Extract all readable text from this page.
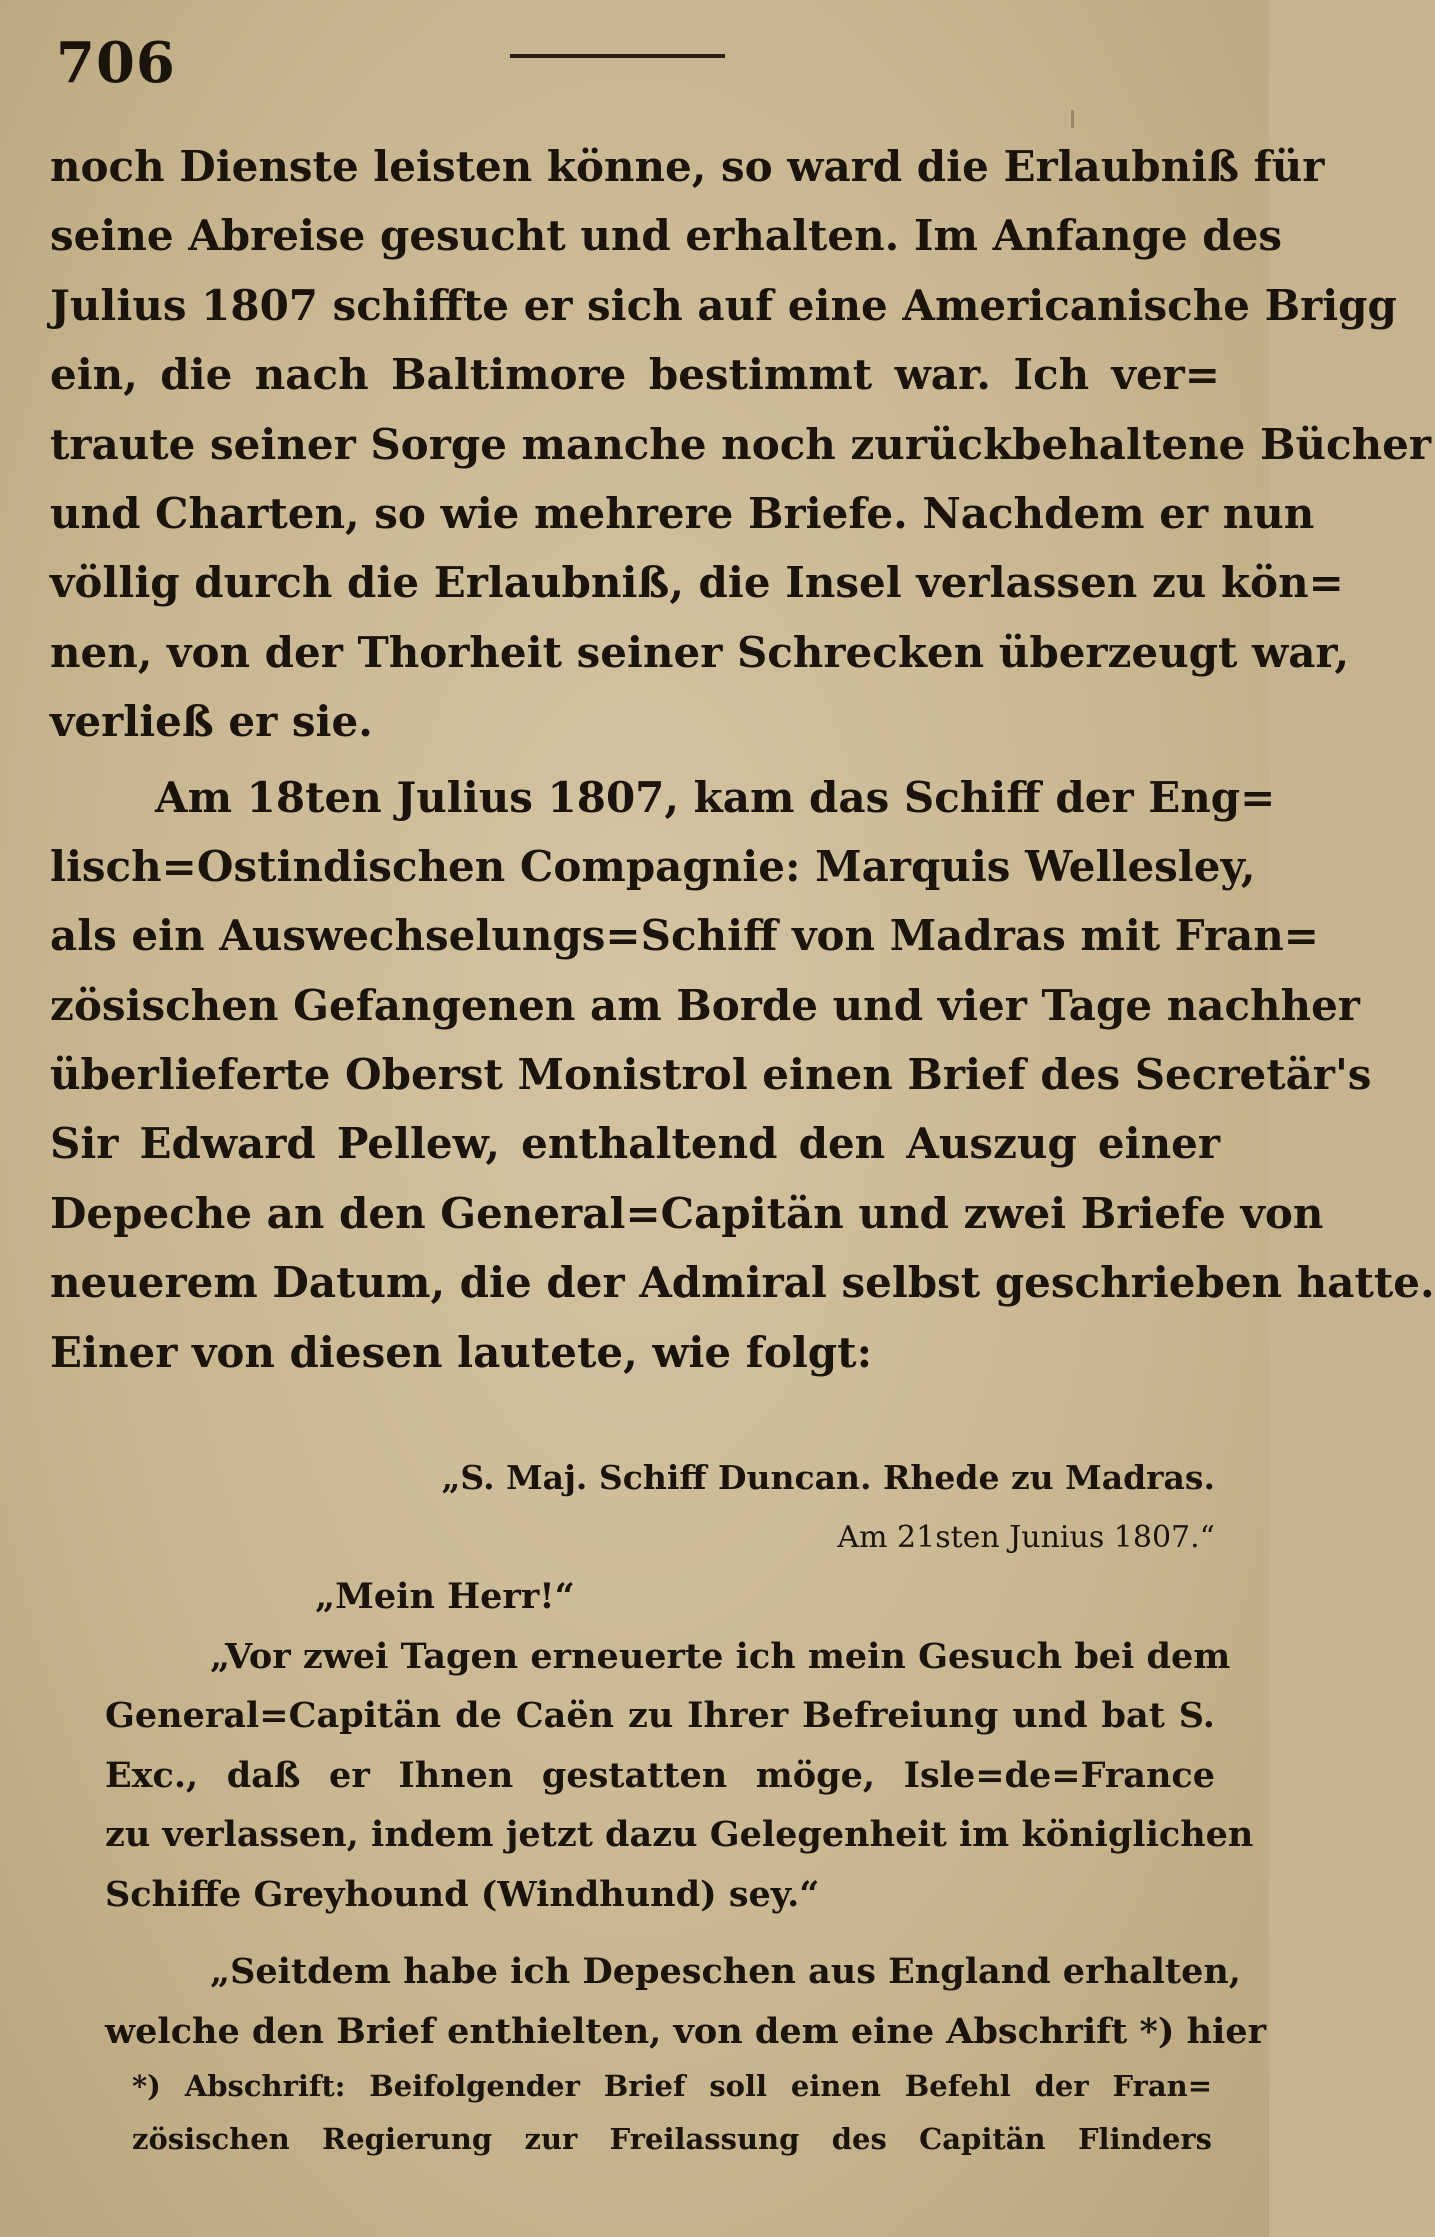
706
noch Dienste leisten könne, so ward die Erlaubniß für
seine Abreise gesucht und erhalten. Im Anfange des
Julius 1807 schiffte er sich auf eine Americanische Brigg
ein, die nach Baltimore bestimmt war. Ich ver=
traute seiner Sorge manche noch zurückbehaltene Bücher
und Charten, so wie mehrere Briefe. Nachdem er nun
völlig durch die Erlaubniß, die Insel verlassen zu kön=
nen, von der Thorheit seiner Schrecken überzeugt war,
verließ er sie.
Am 18ten Julius 1807, kam das Schiff der Eng=
lisch=Ostindischen Compagnie: Marquis Wellesley,
als ein Auswechselungs=Schiff von Madras mit Fran=
zösischen Gefangenen am Borde und vier Tage nachher
überlieferte Oberst Monistrol einen Brief des Secretär's
Sir Edward Pellew, enthaltend den Auszug einer
Depeche an den General=Capitän und zwei Briefe von
neuerem Datum, die der Admiral selbst geschrieben hatte.
Einer von diesen lautete, wie folgt:
„S. Maj. Schiff Duncan. Rhede zu Madras.
Am 21sten Junius 1807.“
„Mein Herr!“
„Vor zwei Tagen erneuerte ich mein Gesuch bei dem
General=Capitän de Caën zu Ihrer Befreiung und bat S.
Exc., daß er Ihnen gestatten möge, Isle=de=France
zu verlassen, indem jetzt dazu Gelegenheit im königlichen
Schiffe Greyhound (Windhund) sey.“
„Seitdem habe ich Depeschen aus England erhalten,
welche den Brief enthielten, von dem eine Abschrift *) hier
*) Abschrift: Beifolgender Brief soll einen Befehl der Fran=
zösischen Regierung zur Freilassung des Capitän Flinders
